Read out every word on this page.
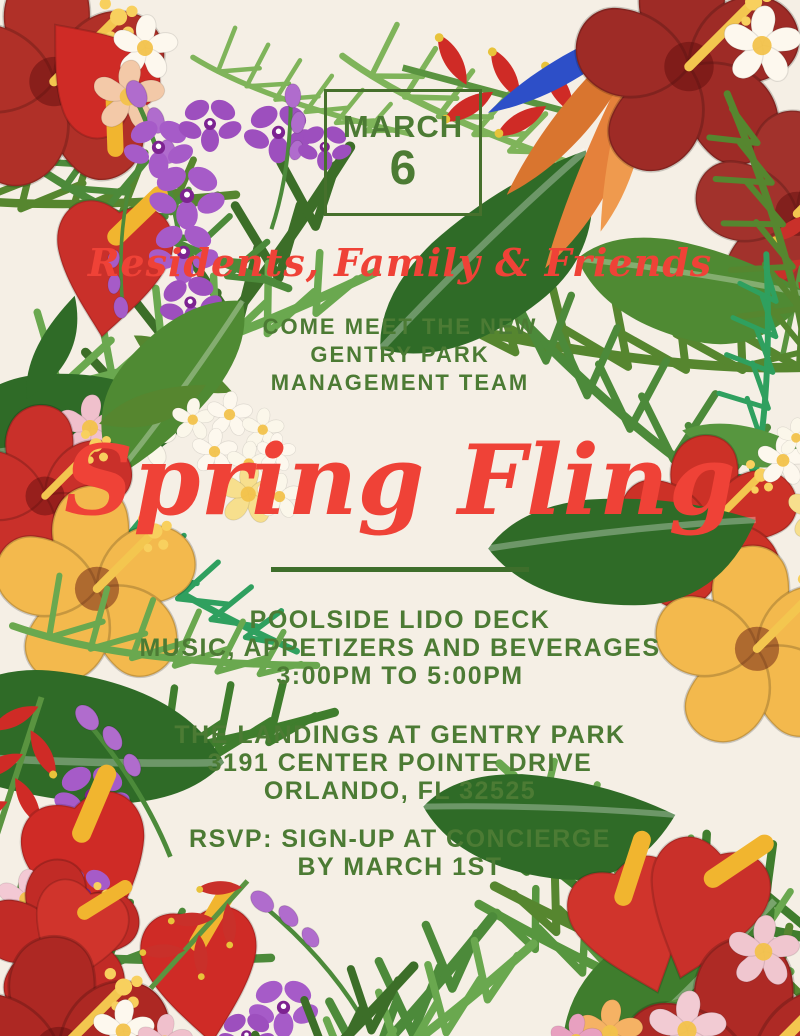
MARCH
6
Residents, Family & Friends
COME MEET THE NEW
GENTRY PARK
MANAGEMENT TEAM
Spring Fling
POOLSIDE LIDO DECK
MUSIC, APPETIZERS AND BEVERAGES
3:00PM TO 5:00PM
THE LANDINGS AT GENTRY PARK
3191 CENTER POINTE DRIVE
ORLANDO, FL 32525
RSVP: SIGN-UP AT CONCIERGE
BY MARCH 1ST
